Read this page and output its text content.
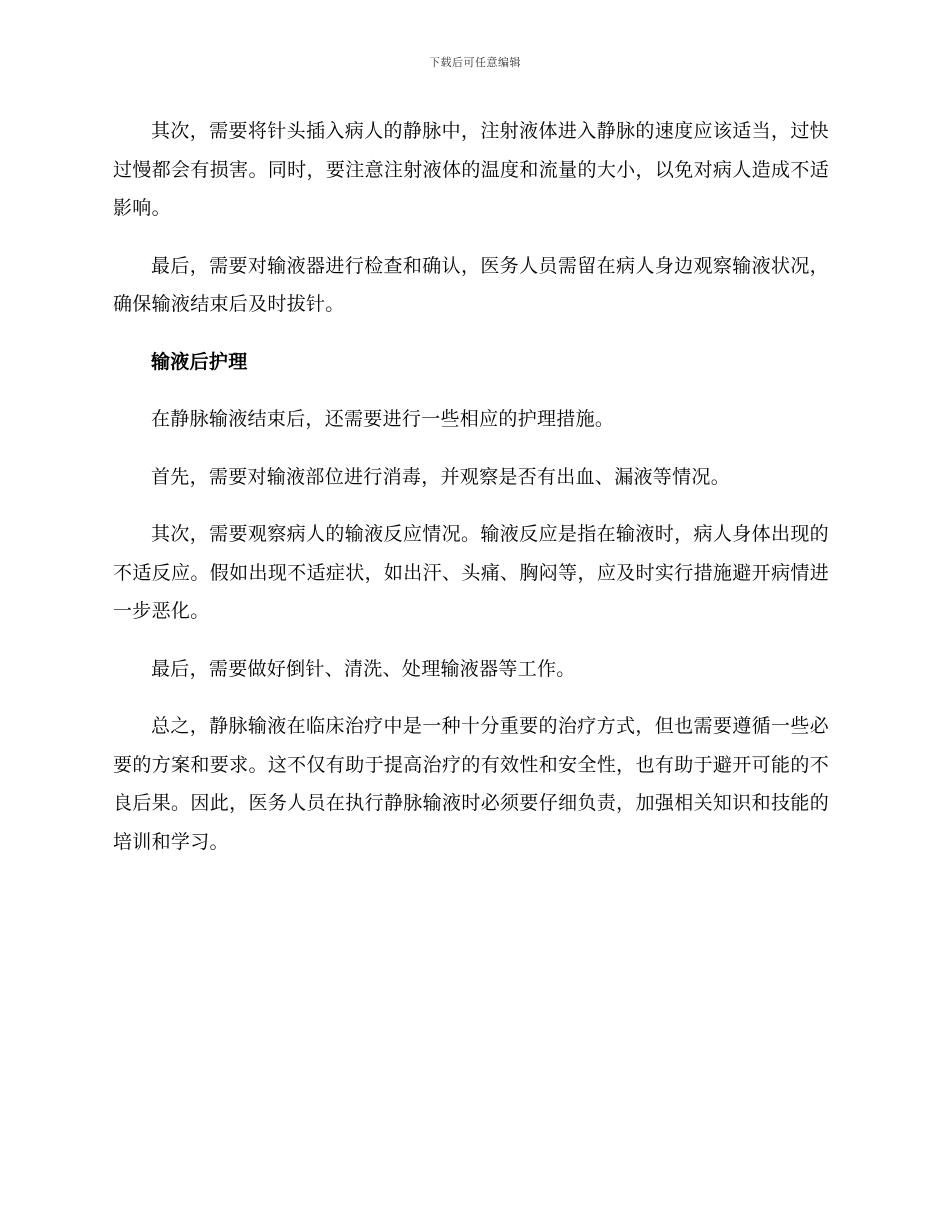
下载后可任意编辑

其次，需要将针头插入病人的静脉中，注射液体进入静脉的速度应该适当，过快过慢都会有损害。同时，要注意注射液体的温度和流量的大小，以免对病人造成不适影响。

最后，需要对输液器进行检查和确认，医务人员需留在病人身边观察输液状况，确保输液结束后及时拔针。

输液后护理

在静脉输液结束后，还需要进行一些相应的护理措施。

首先，需要对输液部位进行消毒，并观察是否有出血、漏液等情况。

其次，需要观察病人的输液反应情况。输液反应是指在输液时，病人身体出现的不适反应。假如出现不适症状，如出汗、头痛、胸闷等，应及时实行措施避开病情进一步恶化。

最后，需要做好倒针、清洗、处理输液器等工作。

总之，静脉输液在临床治疗中是一种十分重要的治疗方式，但也需要遵循一些必要的方案和要求。这不仅有助于提高治疗的有效性和安全性，也有助于避开可能的不良后果。因此，医务人员在执行静脉输液时必须要仔细负责，加强相关知识和技能的培训和学习。
